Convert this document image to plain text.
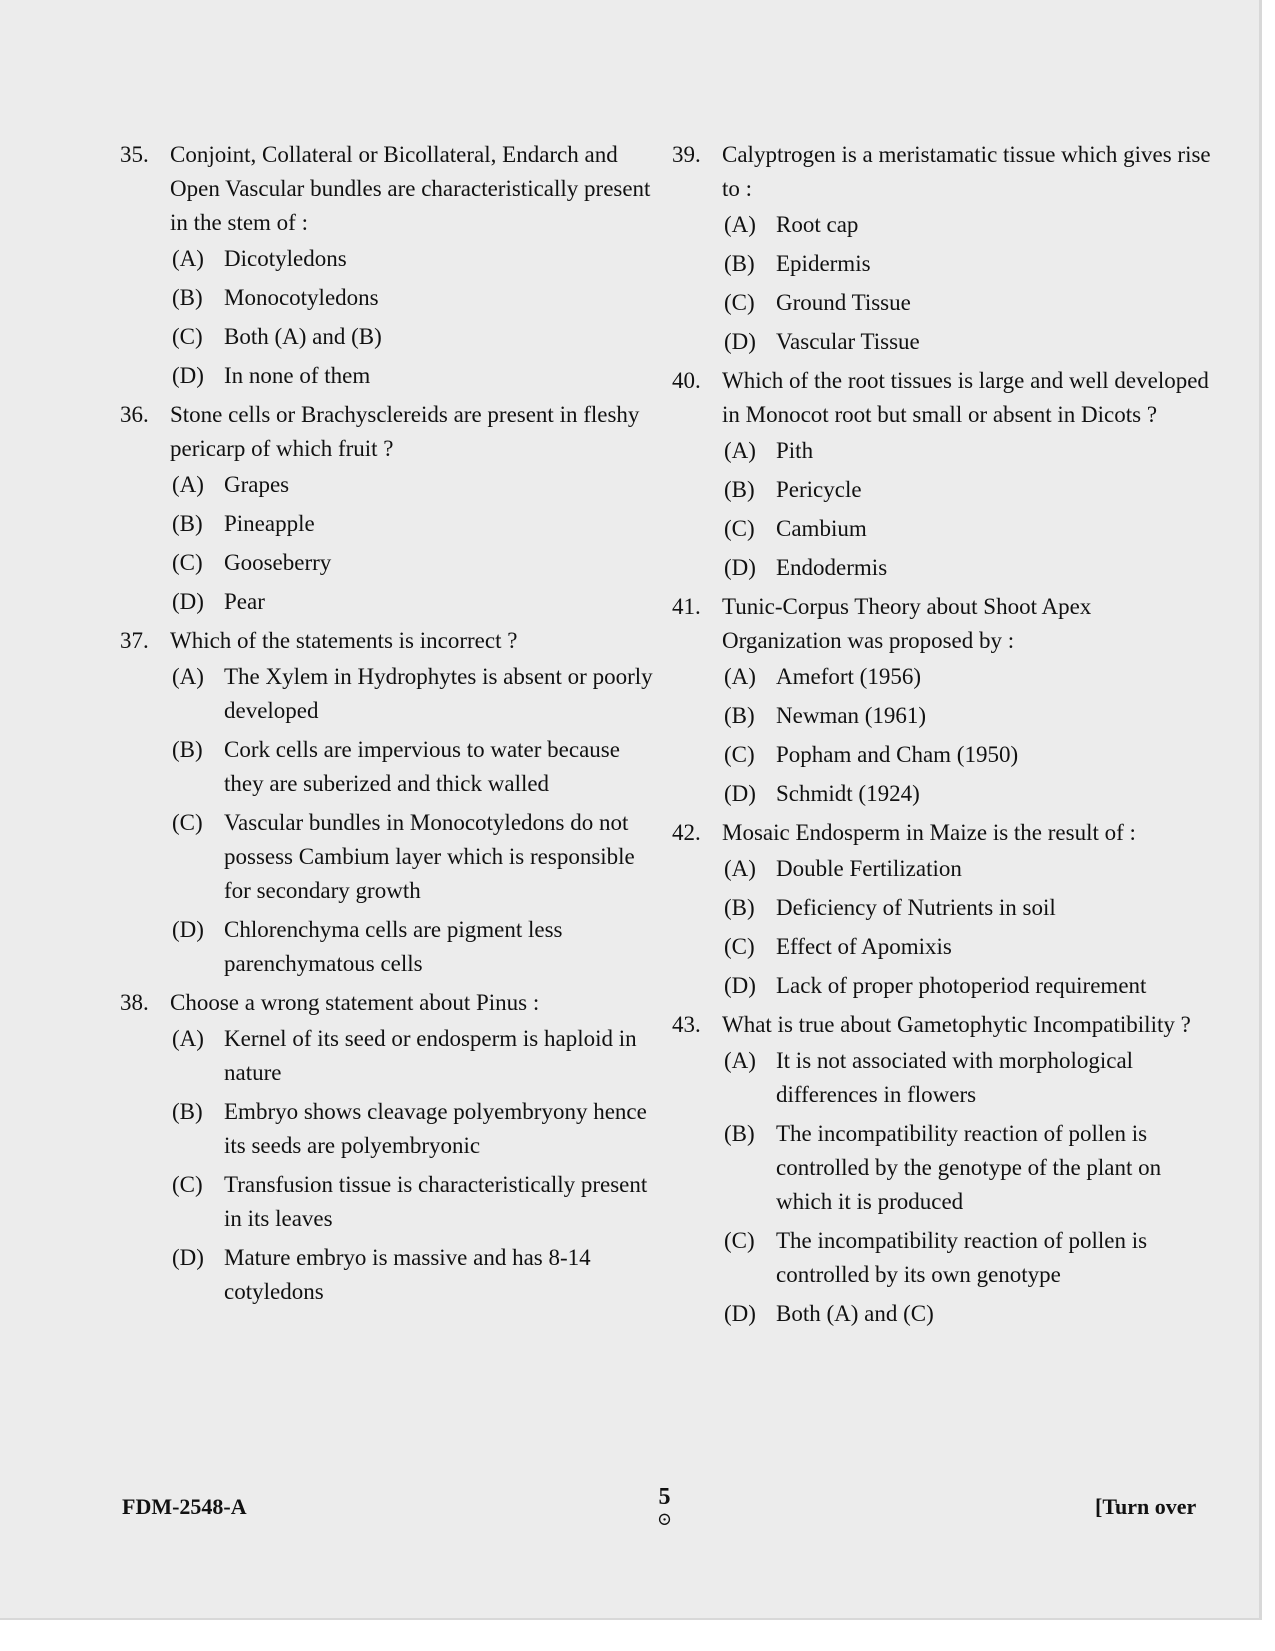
35. Conjoint, Collateral or Bicollateral, Endarch and Open Vascular bundles are characteristically present in the stem of :
(A) Dicotyledons
(B) Monocotyledons
(C) Both (A) and (B)
(D) In none of them
36. Stone cells or Brachysclereids are present in fleshy pericarp of which fruit ?
(A) Grapes
(B) Pineapple
(C) Gooseberry
(D) Pear
37. Which of the statements is incorrect ?
(A) The Xylem in Hydrophytes is absent or poorly developed
(B) Cork cells are impervious to water because they are suberized and thick walled
(C) Vascular bundles in Monocotyledons do not possess Cambium layer which is responsible for secondary growth
(D) Chlorenchyma cells are pigment less parenchymatous cells
38. Choose a wrong statement about Pinus :
(A) Kernel of its seed or endosperm is haploid in nature
(B) Embryo shows cleavage polyembryony hence its seeds are polyembryonic
(C) Transfusion tissue is characteristically present in its leaves
(D) Mature embryo is massive and has 8-14 cotyledons
39. Calyptrogen is a meristamatic tissue which gives rise to :
(A) Root cap
(B) Epidermis
(C) Ground Tissue
(D) Vascular Tissue
40. Which of the root tissues is large and well developed in Monocot root but small or absent in Dicots ?
(A) Pith
(B) Pericycle
(C) Cambium
(D) Endodermis
41. Tunic-Corpus Theory about Shoot Apex Organization was proposed by :
(A) Amefort (1956)
(B) Newman (1961)
(C) Popham and Cham (1950)
(D) Schmidt (1924)
42. Mosaic Endosperm in Maize is the result of :
(A) Double Fertilization
(B) Deficiency of Nutrients in soil
(C) Effect of Apomixis
(D) Lack of proper photoperiod requirement
43. What is true about Gametophytic Incompatibility ?
(A) It is not associated with morphological differences in flowers
(B) The incompatibility reaction of pollen is controlled by the genotype of the plant on which it is produced
(C) The incompatibility reaction of pollen is controlled by its own genotype
(D) Both (A) and (C)
FDM-2548-A	5
⊙	[Turn over
